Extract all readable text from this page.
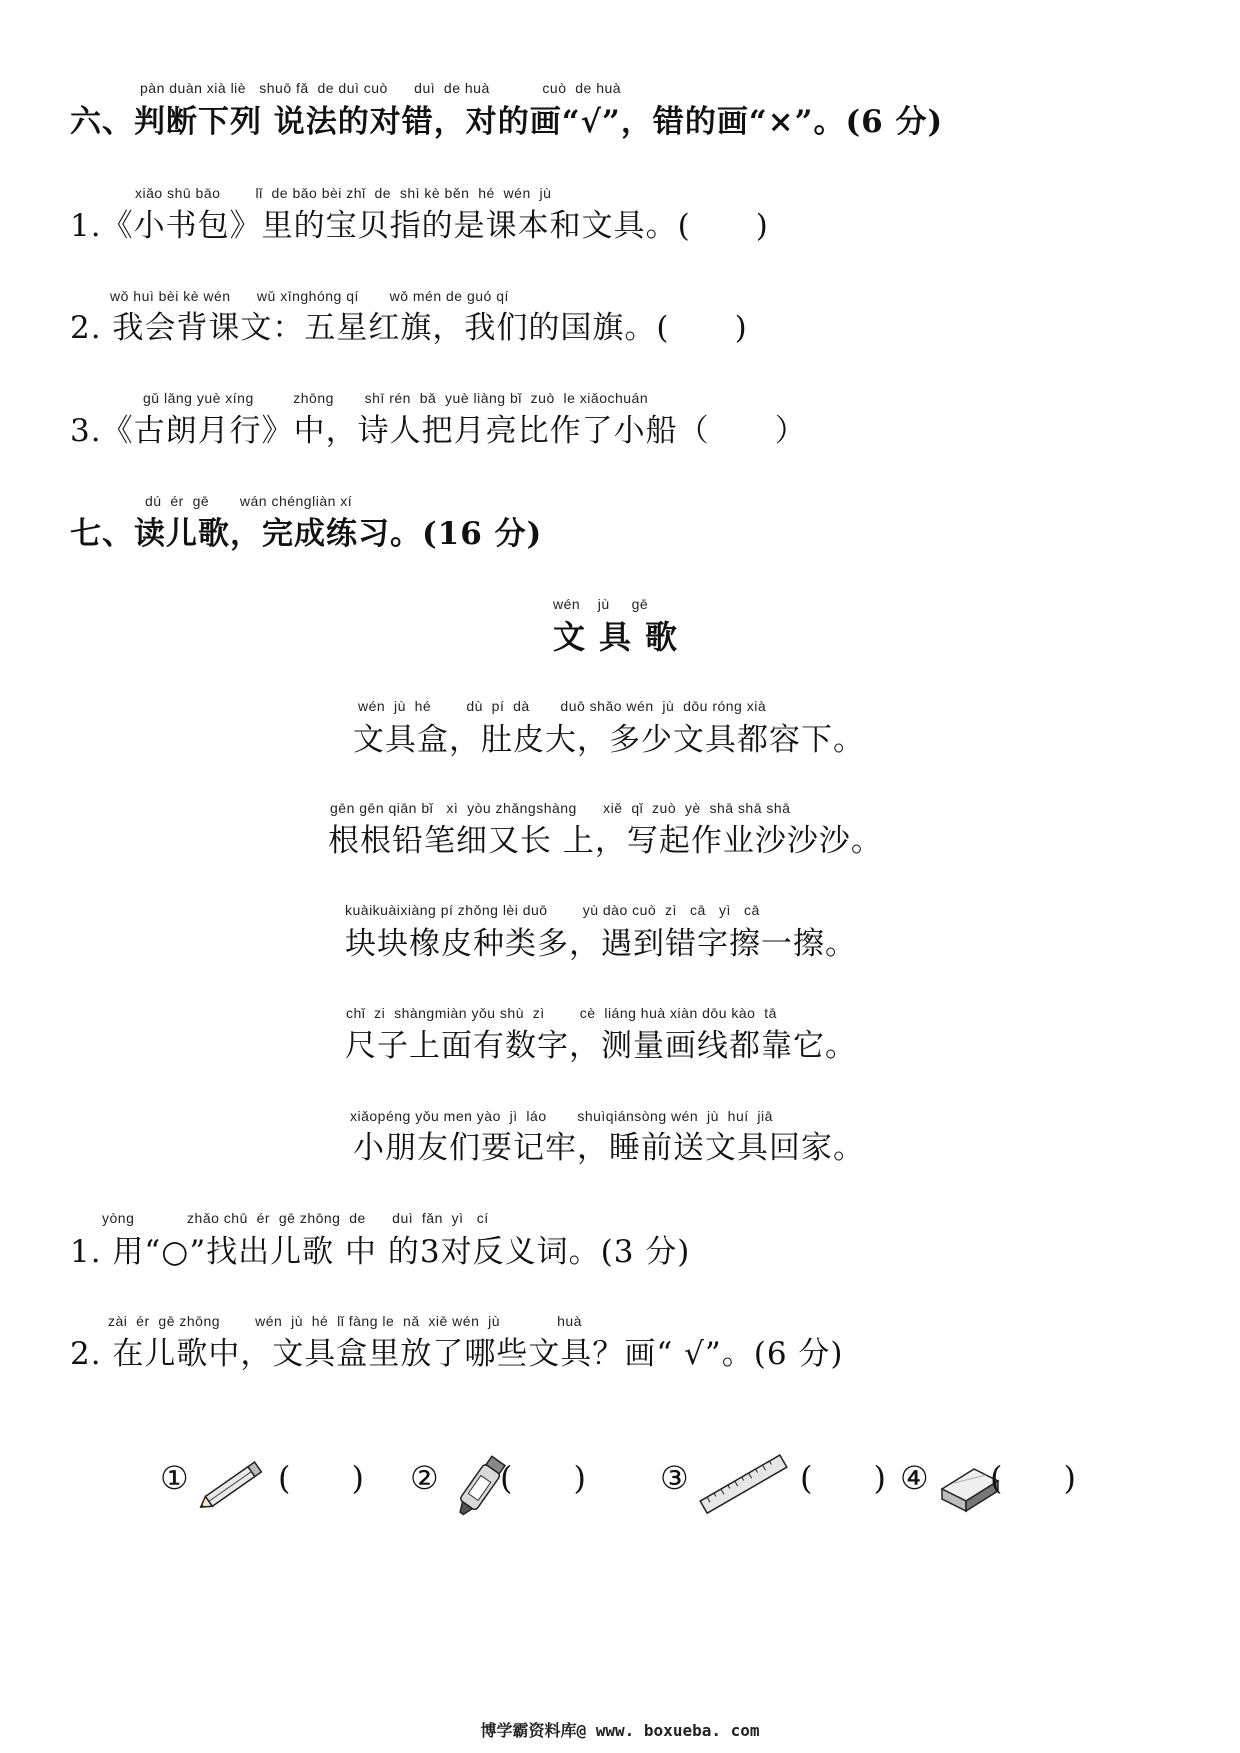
pàn duàn xià liè   shuō fǎ  de duì cuò      duì  de huà            cuò  de huà
六、判断下列 说法的对错，对的画“√”，错的画“×”。(6 分)
xiǎo shū bāo        lǐ  de bǎo bèi zhǐ  de  shì kè běn  hé  wén  jù
1.《小书包》里的宝贝指的是课本和文具。(      )
wǒ huì bèi kè wén      wǔ xīnghóng qí       wǒ mén de guó qí
2. 我会背课文：五星红旗，我们的国旗。(      )
gǔ lǎng yuè xíng         zhōng       shī rén  bǎ  yuè liàng bǐ  zuò  le xiǎochuán
3.《古朗月行》中，诗人把月亮比作了小船（      ）
dú  ér  gē       wán chéngliàn xí
七、读儿歌，完成练习。(16 分)
wén    jù     gē
文具歌
wén  jù  hé        dù  pí  dà       duō shǎo wén  jù  dōu róng xià
文具盒，肚皮大，多少文具都容下。
gēn gēn qiān bǐ   xì  yòu zhǎngshàng      xiě  qǐ  zuò  yè  shā shā shā
根根铅笔细又长 上，写起作业沙沙沙。
kuàikuàixiàng pí zhǒng lèi duō        yù dào cuò  zì   cā   yì   cā
块块橡皮种类多，遇到错字擦一擦。
chǐ  zi  shàngmiàn yǒu shù  zì        cè  liáng huà xiàn dōu kào  tā
尺子上面有数字，测量画线都靠它。
xiǎopéng yǒu men yào  jì  láo       shuìqiánsòng wén  jù  huí  jiā
小朋友们要记牢，睡前送文具回家。
yòng            zhǎo chū  ér  gē zhōng  de      duì  fǎn  yì   cí
1. 用“○”找出儿歌 中 的3对反义词。(3 分)
zài  ér  gē zhōng        wén  jù  hé  lǐ fàng le  nǎ  xiē wén  jù             huà
2. 在儿歌中，文具盒里放了哪些文具？画“ √”。(6 分)
①	(      ) ② (      ) ③	(      ) ④ (      )
博学霸资料库@ www. boxueba. com
